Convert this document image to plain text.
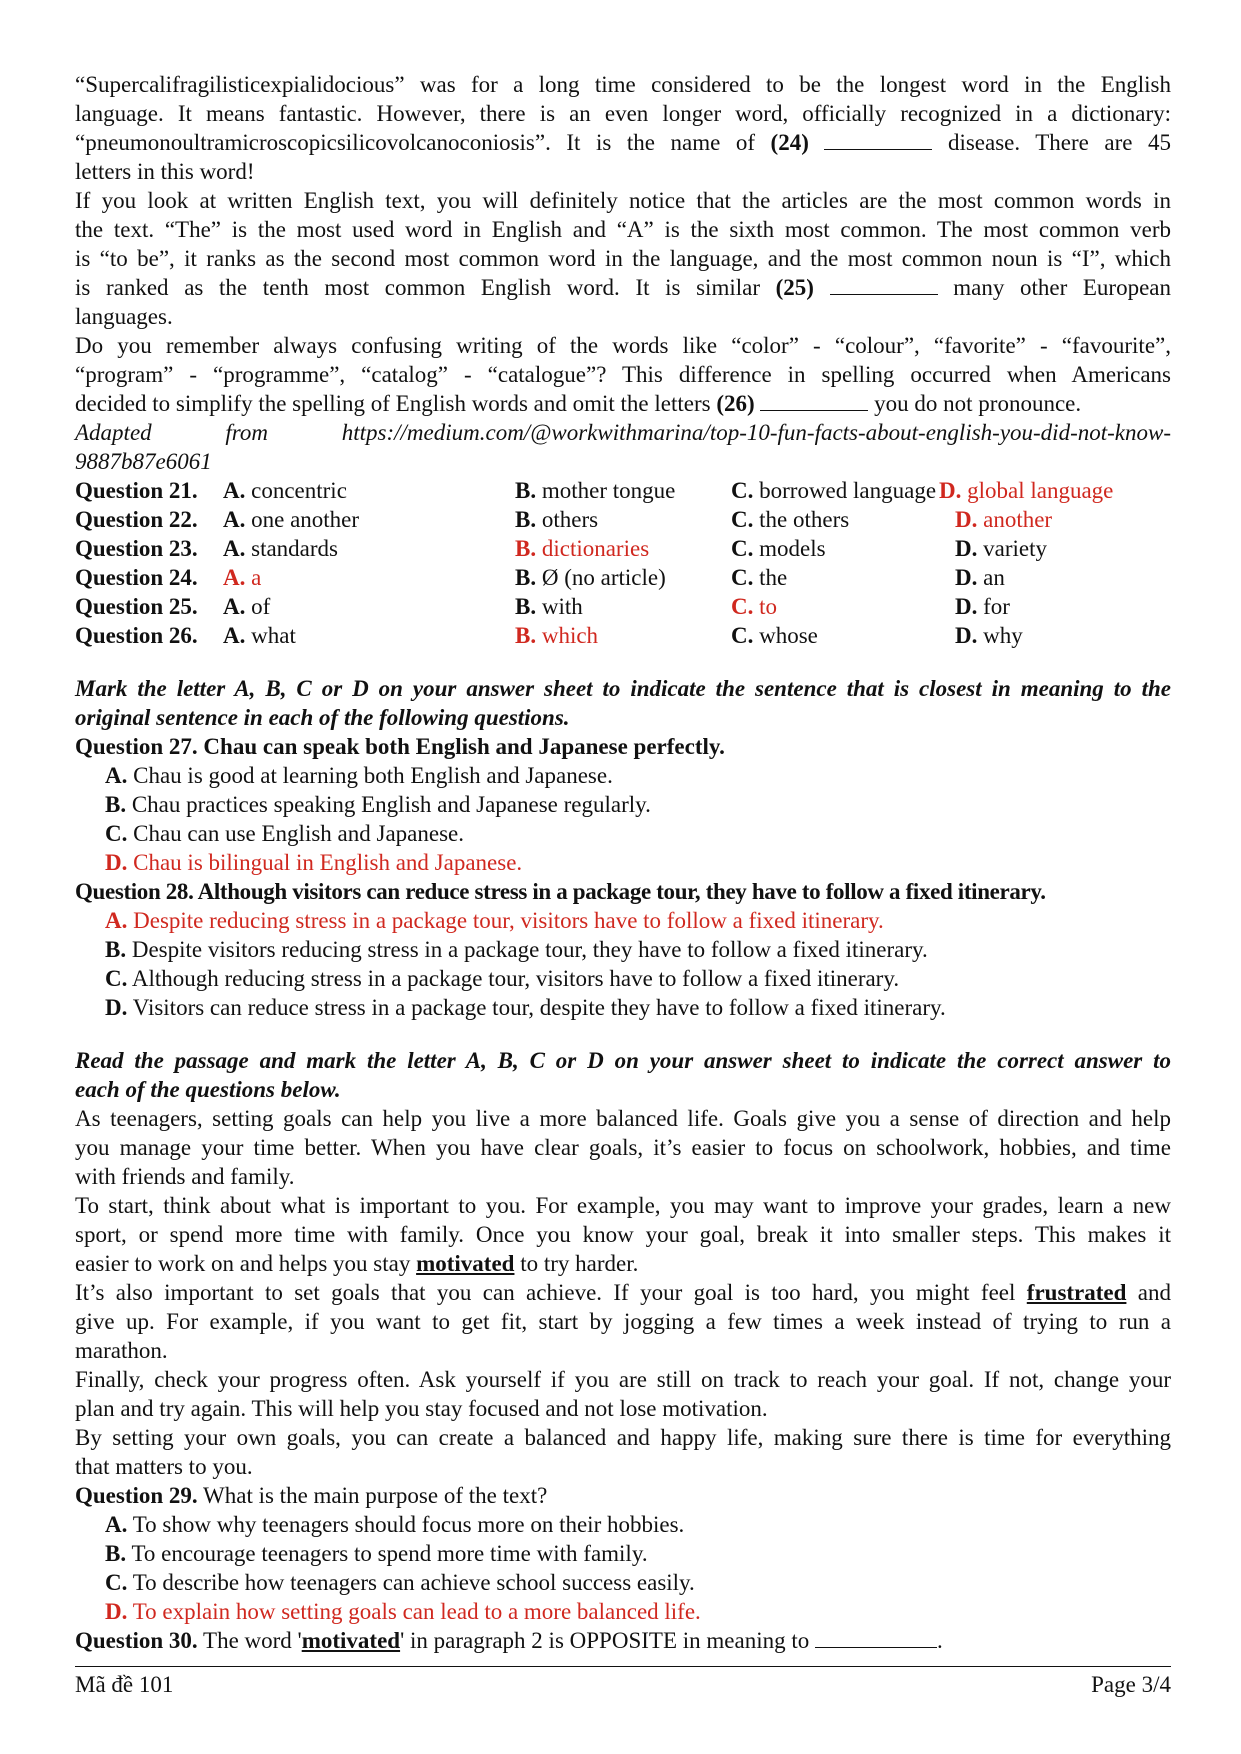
“Supercalifragilisticexpialidocious” was for a long time considered to be the longest word in the English

language. It means fantastic. However, there is an even longer word, officially recognized in a dictionary:

“pneumonoultramicroscopicsilicovolcanoconiosis”. It is the name of (24)	disease. There are 45

letters in this word!

If you look at written English text, you will definitely notice that the articles are the most common words in

the text. “The” is the most used word in English and “A” is the sixth most common. The most common verb

is “to be”, it ranks as the second most common word in the language, and the most common noun is “I”, which

is ranked as the tenth most common English word. It is similar (25)	many other European

languages.

Do you remember always confusing writing of the words like “color” - “colour”, “favorite” - “favourite”,

“program” - “programme”, “catalog” - “catalogue”? This difference in spelling occurred when Americans

decided to simplify the spelling of English words and omit the letters (26)	you do not pronounce.

Adapted from https://medium.com/@workwithmarina/top-10-fun-facts-about-english-you-did-not-know-

9887b87e6061

Question 21.	A. concentric	B. mother tongue	C. borrowed language D. global language
Question 22.	A. one another	B. others	C. the others	D. another
Question 23.	A. standards	B. dictionaries	C. models	D. variety
Question 24.	A. a	B. Ø (no article)	C. the	D. an
Question 25.	A. of	B. with	C. to	D. for
Question 26.	A. what	B. which	C. whose	D. why

Mark the letter A, B, C or D on your answer sheet to indicate the sentence that is closest in meaning to the

original sentence in each of the following questions.

Question 27. Chau can speak both English and Japanese perfectly.

A. Chau is good at learning both English and Japanese.

B. Chau practices speaking English and Japanese regularly.

C. Chau can use English and Japanese.

D. Chau is bilingual in English and Japanese.

Question 28. Although visitors can reduce stress in a package tour, they have to follow a fixed itinerary.

A. Despite reducing stress in a package tour, visitors have to follow a fixed itinerary.

B. Despite visitors reducing stress in a package tour, they have to follow a fixed itinerary.

C. Although reducing stress in a package tour, visitors have to follow a fixed itinerary.

D. Visitors can reduce stress in a package tour, despite they have to follow a fixed itinerary.

Read the passage and mark the letter A, B, C or D on your answer sheet to indicate the correct answer to

each of the questions below.

As teenagers, setting goals can help you live a more balanced life. Goals give you a sense of direction and help

you manage your time better. When you have clear goals, it’s easier to focus on schoolwork, hobbies, and time

with friends and family.

To start, think about what is important to you. For example, you may want to improve your grades, learn a new

sport, or spend more time with family. Once you know your goal, break it into smaller steps. This makes it

easier to work on and helps you stay motivated to try harder.

It’s also important to set goals that you can achieve. If your goal is too hard, you might feel frustrated and

give up. For example, if you want to get fit, start by jogging a few times a week instead of trying to run a

marathon.

Finally, check your progress often. Ask yourself if you are still on track to reach your goal. If not, change your

plan and try again. This will help you stay focused and not lose motivation.

By setting your own goals, you can create a balanced and happy life, making sure there is time for everything

that matters to you.

Question 29. What is the main purpose of the text?

A. To show why teenagers should focus more on their hobbies.

B. To encourage teenagers to spend more time with family.

C. To describe how teenagers can achieve school success easily.

D. To explain how setting goals can lead to a more balanced life.

Question 30. The word 'motivated' in paragraph 2 is OPPOSITE in meaning to	.

Mã đề 101	Page 3/4
